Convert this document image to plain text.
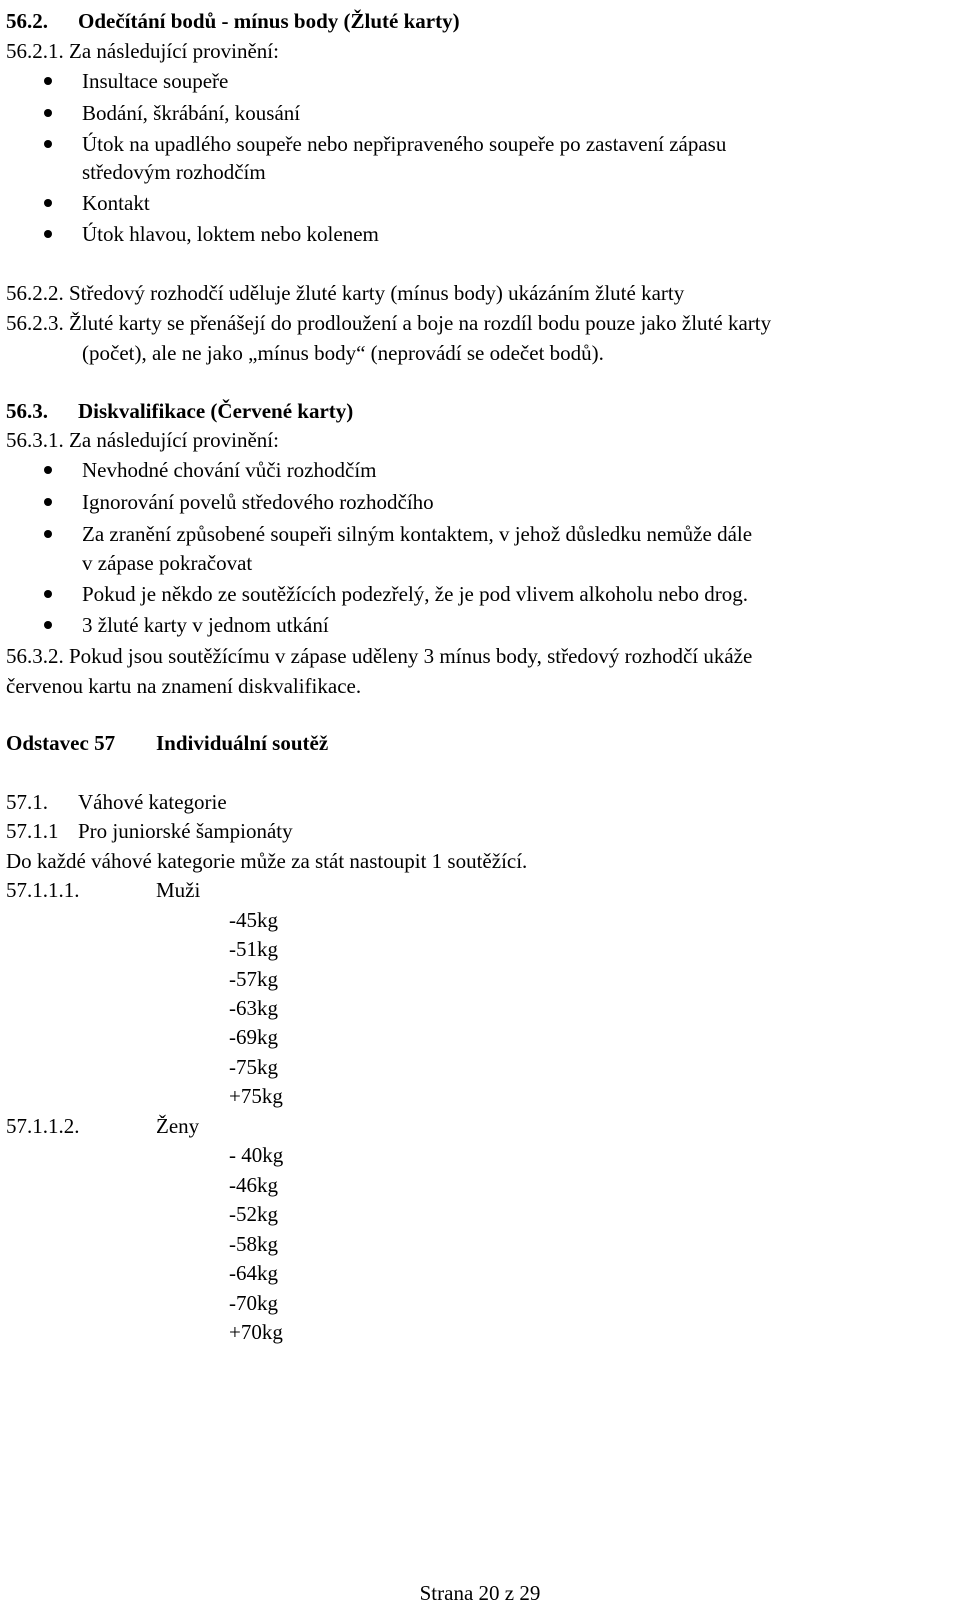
56.2. Odečítání bodů - mínus body (Žluté karty)
56.2.1. Za následující provinění:
Insultace soupeře
Bodání, škrábání, kousání
Útok na upadlého soupeře nebo nepřipraveného soupeře po zastavení zápasu
středovým rozhodčím
Kontakt
Útok hlavou, loktem nebo kolenem
56.2.2. Středový rozhodčí uděluje žluté karty (mínus body) ukázáním žluté karty
56.2.3. Žluté karty se přenášejí do prodloužení a boje na rozdíl bodu pouze jako žluté karty
(počet), ale ne jako „mínus body“ (neprovádí se odečet bodů).
56.3. Diskvalifikace (Červené karty)
56.3.1. Za následující provinění:
Nevhodné chování vůči rozhodčím
Ignorování povelů středového rozhodčího
Za zranění způsobené soupeři silným kontaktem, v jehož důsledku nemůže dále
v zápase pokračovat
Pokud je někdo ze soutěžících podezřelý, že je pod vlivem alkoholu nebo drog.
3 žluté karty v jednom utkání
56.3.2. Pokud jsou soutěžícímu v zápase uděleny 3 mínus body, středový rozhodčí ukáže
červenou kartu na znamení diskvalifikace.
Odstavec 57 Individuální soutěž
57.1. Váhové kategorie
57.1.1 Pro juniorské šampionáty
Do každé váhové kategorie může za stát nastoupit 1 soutěžící.
57.1.1.1.	Muži
-45kg
-51kg
-57kg
-63kg
-69kg
-75kg
+75kg
57.1.1.2.	Ženy
- 40kg
-46kg
-52kg
-58kg
-64kg
-70kg
+70kg
Strana 20 z 29
